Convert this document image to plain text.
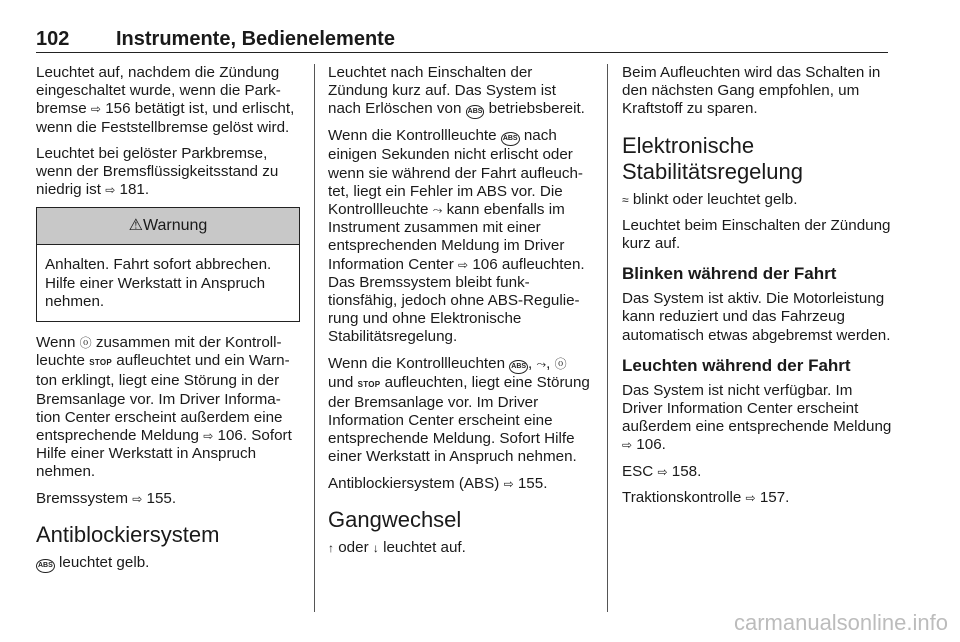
102 Instrumente, Bedienelemente

Leuchtet auf, nachdem die Zündung eingeschaltet wurde, wenn die Parkbremse ⇨ 156 betätigt ist, und erlischt, wenn die Feststellbremse gelöst wird.

Leuchtet bei gelöster Parkbremse, wenn der Bremsflüssigkeitsstand zu niedrig ist ⇨ 181.

⚠ Warnung
Anhalten. Fahrt sofort abbrechen. Hilfe einer Werkstatt in Anspruch nehmen.

Wenn ⓞ zusammen mit der Kontrollleuchte STOP aufleuchtet und ein Warnton erklingt, liegt eine Störung in der Bremsanlage vor. Im Driver Information Center erscheint außerdem eine entsprechende Meldung ⇨ 106. Sofort Hilfe einer Werkstatt in Anspruch nehmen.

Bremssystem ⇨ 155.

Antiblockiersystem

ABS leuchtet gelb.

Leuchtet nach Einschalten der Zündung kurz auf. Das System ist nach Erlöschen von ABS betriebsbereit.

Wenn die Kontrollleuchte ABS nach einigen Sekunden nicht erlischt oder wenn sie während der Fahrt aufleuchtet, liegt ein Fehler im ABS vor. Die Kontrollleuchte ⤳ kann ebenfalls im Instrument zusammen mit einer entsprechenden Meldung im Driver Information Center ⇨ 106 aufleuchten. Das Bremssystem bleibt funktionsfähig, jedoch ohne ABS-Regulierung und ohne Elektronische Stabilitätsregelung.

Wenn die Kontrollleuchten ABS , ⤳, ⓞ und STOP aufleuchten, liegt eine Störung der Bremsanlage vor. Im Driver Information Center erscheint eine entsprechende Meldung. Sofort Hilfe einer Werkstatt in Anspruch nehmen.

Antiblockiersystem (ABS) ⇨ 155.

Gangwechsel

↑ oder ↓ leuchtet auf.

Beim Aufleuchten wird das Schalten in den nächsten Gang empfohlen, um Kraftstoff zu sparen.

Elektronische Stabilitätsregelung

≈ blinkt oder leuchtet gelb.

Leuchtet beim Einschalten der Zündung kurz auf.

Blinken während der Fahrt

Das System ist aktiv. Die Motorleistung kann reduziert und das Fahrzeug automatisch etwas abgebremst werden.

Leuchten während der Fahrt

Das System ist nicht verfügbar. Im Driver Information Center erscheint außerdem eine entsprechende Meldung ⇨ 106.

ESC ⇨ 158.

Traktionskontrolle ⇨ 157.

carmanualsonline.info
